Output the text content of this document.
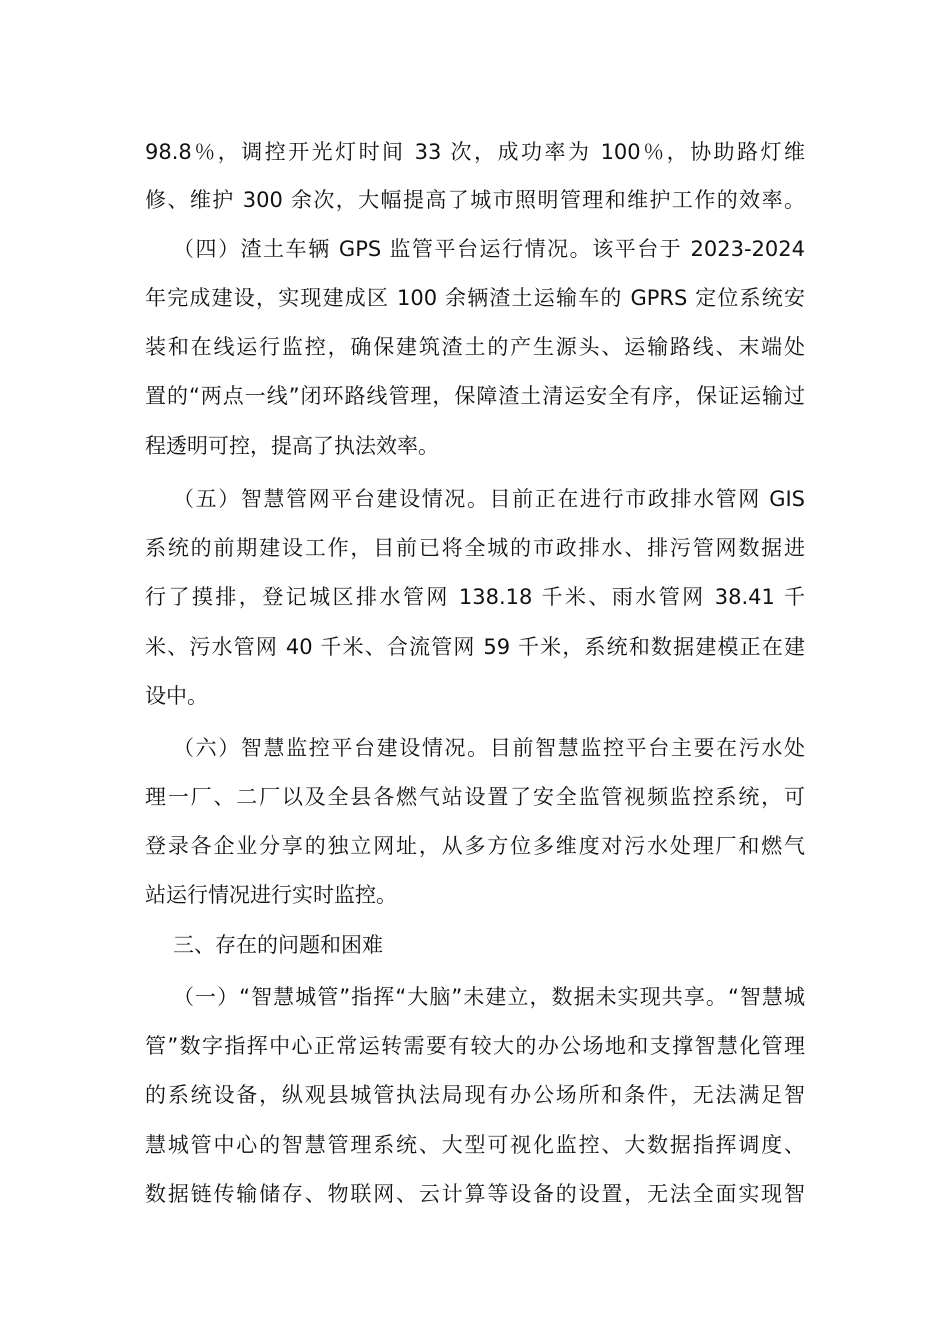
98.8％，调控开光灯时间 33 次，成功率为 100％，协助路灯维
修、维护 300 余次，大幅提高了城市照明管理和维护工作的效率。
（四）渣土车辆 GPS 监管平台运行情况。该平台于 2023-2024
年完成建设，实现建成区 100 余辆渣土运输车的 GPRS 定位系统安
装和在线运行监控，确保建筑渣土的产生源头、运输路线、末端处
置的“两点一线”闭环路线管理，保障渣土清运安全有序，保证运输过
程透明可控，提高了执法效率。
（五）智慧管网平台建设情况。目前正在进行市政排水管网 GIS
系统的前期建设工作，目前已将全城的市政排水、排污管网数据进
行了摸排，登记城区排水管网 138.18 千米、雨水管网 38.41 千
米、污水管网 40 千米、合流管网 59 千米，系统和数据建模正在建
设中。
（六）智慧监控平台建设情况。目前智慧监控平台主要在污水处
理一厂、二厂以及全县各燃气站设置了安全监管视频监控系统，可
登录各企业分享的独立网址，从多方位多维度对污水处理厂和燃气
站运行情况进行实时监控。
三、存在的问题和困难
（一）“智慧城管”指挥“大脑”未建立，数据未实现共享。“智慧城
管”数字指挥中心正常运转需要有较大的办公场地和支撑智慧化管理
的系统设备，纵观县城管执法局现有办公场所和条件，无法满足智
慧城管中心的智慧管理系统、大型可视化监控、大数据指挥调度、
数据链传输储存、物联网、云计算等设备的设置，无法全面实现智
